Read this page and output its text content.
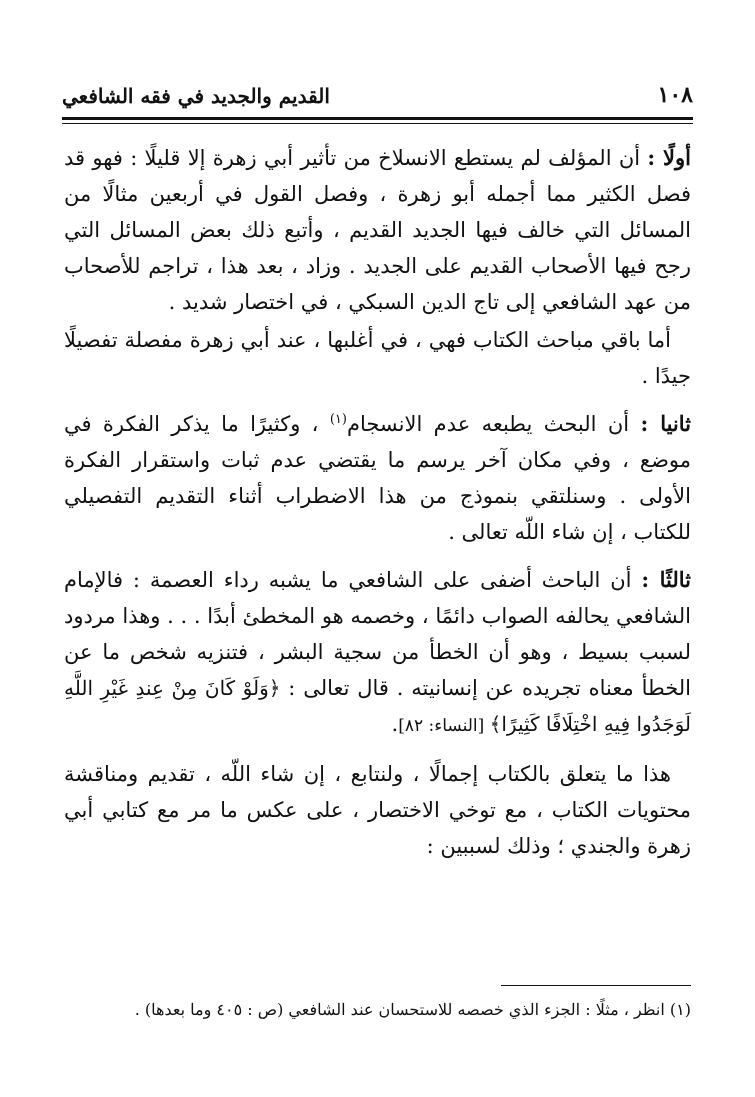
١٠٨
القديم والجديد في فقه الشافعي

أولًا : أن المؤلف لم يستطع الانسلاخ من تأثير أبي زهرة إلا قليلًا : فهو قد فصل الكثير مما أجمله أبو زهرة ، وفصل القول في أربعين مثالًا من المسائل التي خالف فيها الجديد القديم ، وأتبع ذلك بعض المسائل التي رجح فيها الأصحاب القديم على الجديد . وزاد ، بعد هذا ، تراجم للأصحاب من عهد الشافعي إلى تاج الدين السبكي ، في اختصار شديد .

أما باقي مباحث الكتاب فهي ، في أغلبها ، عند أبي زهرة مفصلة تفصيلًا جيدًا .

ثانيا : أن البحث يطبعه عدم الانسجام$^{(١)}$ ، وكثيرًا ما يذكر الفكرة في موضع ، وفي مكان آخر يرسم ما يقتضي عدم ثبات واستقرار الفكرة الأولى . وسنلتقي بنموذج من هذا الاضطراب أثناء التقديم التفصيلي للكتاب ، إن شاء اللّه تعالى .

ثالثًا : أن الباحث أضفى على الشافعي ما يشبه رداء العصمة : فالإمام الشافعي يحالفه الصواب دائمًا ، وخصمه هو المخطئ أبدًا . . . وهذا مردود لسبب بسيط ، وهو أن الخطأ من سجية البشر ، فتنزيه شخص ما عن الخطأ معناه تجريده عن إنسانيته . قال تعالى : ﴿وَلَوْ كَانَ مِنْ عِندِ غَيْرِ اللَّهِ لَوَجَدُوا فِيهِ اخْتِلَافًا كَثِيرًا﴾ [النساء: ٨٢].

هذا ما يتعلق بالكتاب إجمالًا ، ولنتابع ، إن شاء اللّه ، تقديم ومناقشة محتويات الكتاب ، مع توخي الاختصار ، على عكس ما مر مع كتابي أبي زهرة والجندي ؛ وذلك لسببين :

(١) انظر ، مثلًا : الجزء الذي خصصه للاستحسان عند الشافعي (ص : ٤٠٥ وما بعدها) .
